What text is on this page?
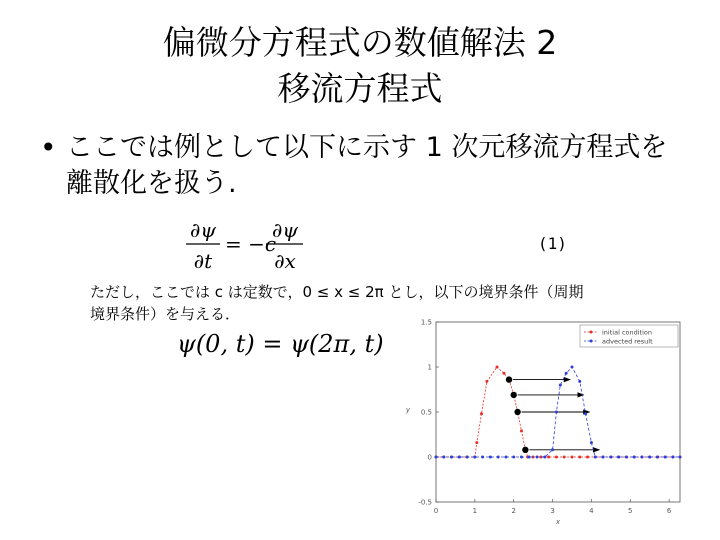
偏微分方程式の数値解法 2
移流方程式
• ここでは例として以下に示す 1 次元移流方程式を離散化を扱う.
∂ψ
∂t
= −c
∂ψ
∂x
(1)
ただし，ここでは c は定数で，0 ≤ x ≤ 2π とし，以下の境界条件（周期境界条件）を与える．
ψ(0, t) = ψ(2π, t)
0	1	2	3	4	5	6
-0.5
0
0.5
1
1.5
x
y
initial condition
advected result
